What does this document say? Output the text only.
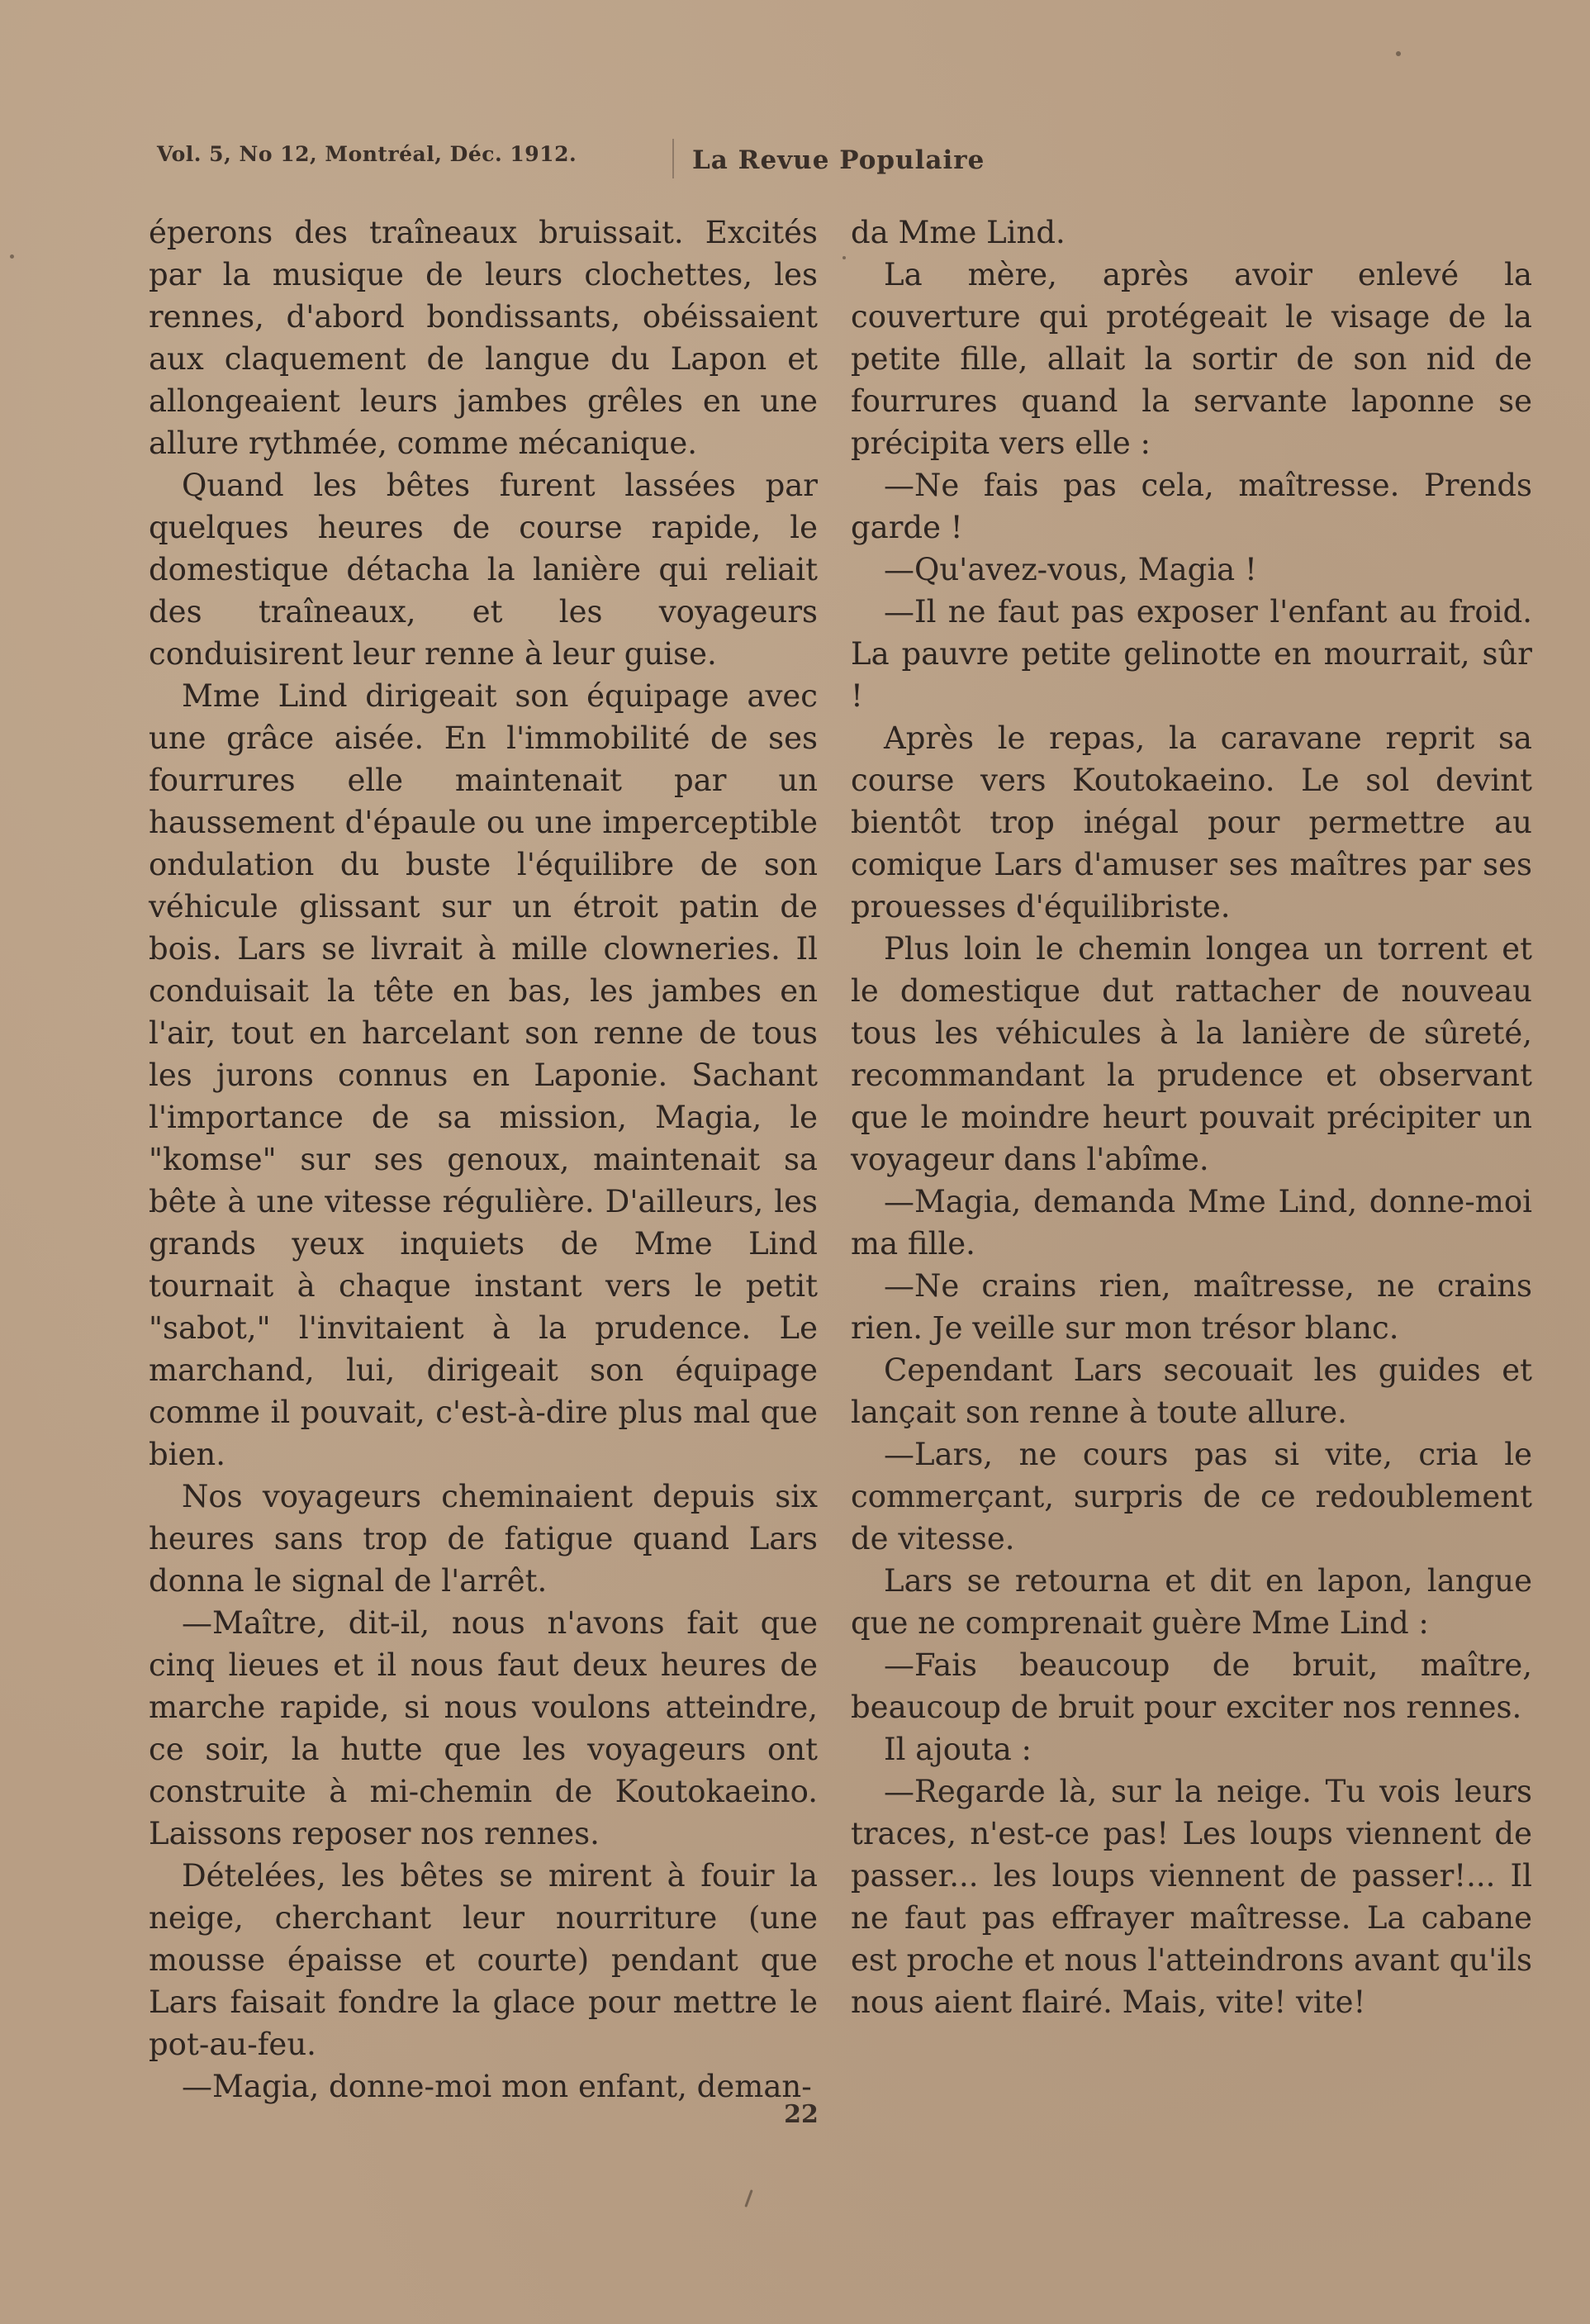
Vol. 5, No 12, Montréal, Déc. 1912.	La Revue Populaire

éperons des traîneaux bruissait. Excités par la musique de leurs clochettes, les rennes, d'abord bondissants, obéissaient aux claquement de langue du Lapon et allongeaient leurs jambes grêles en une allure rythmée, comme mécanique.

Quand les bêtes furent lassées par quelques heures de course rapide, le domestique détacha la lanière qui reliait des traîneaux, et les voyageurs conduisirent leur renne à leur guise.

Mme Lind dirigeait son équipage avec une grâce aisée. En l'immobilité de ses fourrures elle maintenait par un haussement d'épaule ou une imperceptible ondulation du buste l'équilibre de son véhicule glissant sur un étroit patin de bois. Lars se livrait à mille clowneries. Il conduisait la tête en bas, les jambes en l'air, tout en harcelant son renne de tous les jurons connus en Laponie. Sachant l'importance de sa mission, Magia, le "komse" sur ses genoux, maintenait sa bête à une vitesse régulière. D'ailleurs, les grands yeux inquiets de Mme Lind tournait à chaque instant vers le petit "sabot," l'invitaient à la prudence. Le marchand, lui, dirigeait son équipage comme il pouvait, c'est-à-dire plus mal que bien.

Nos voyageurs cheminaient depuis six heures sans trop de fatigue quand Lars donna le signal de l'arrêt.

—Maître, dit-il, nous n'avons fait que cinq lieues et il nous faut deux heures de marche rapide, si nous voulons atteindre, ce soir, la hutte que les voyageurs ont construite à mi-chemin de Koutokaeino. Laissons reposer nos rennes.

Dételées, les bêtes se mirent à fouir la neige, cherchant leur nourriture (une mousse épaisse et courte) pendant que Lars faisait fondre la glace pour mettre le pot-au-feu.

—Magia, donne-moi mon enfant, deman-

da Mme Lind.

La mère, après avoir enlevé la couverture qui protégeait le visage de la petite fille, allait la sortir de son nid de fourrures quand la servante laponne se précipita vers elle :

—Ne fais pas cela, maîtresse. Prends garde !

—Qu'avez-vous, Magia !

—Il ne faut pas exposer l'enfant au froid. La pauvre petite gelinotte en mourrait, sûr !

Après le repas, la caravane reprit sa course vers Koutokaeino. Le sol devint bientôt trop inégal pour permettre au comique Lars d'amuser ses maîtres par ses prouesses d'équilibriste.

Plus loin le chemin longea un torrent et le domestique dut rattacher de nouveau tous les véhicules à la lanière de sûreté, recommandant la prudence et observant que le moindre heurt pouvait précipiter un voyageur dans l'abîme.

—Magia, demanda Mme Lind, donne-moi ma fille.

—Ne crains rien, maîtresse, ne crains rien. Je veille sur mon trésor blanc.

Cependant Lars secouait les guides et lançait son renne à toute allure.

—Lars, ne cours pas si vite, cria le commerçant, surpris de ce redoublement de vitesse.

Lars se retourna et dit en lapon, langue que ne comprenait guère Mme Lind :

—Fais beaucoup de bruit, maître, beaucoup de bruit pour exciter nos rennes.

Il ajouta :

—Regarde là, sur la neige. Tu vois leurs traces, n'est-ce pas! Les loups viennent de passer... les loups viennent de passer!... Il ne faut pas effrayer maîtresse. La cabane est proche et nous l'atteindrons avant qu'ils nous aient flairé. Mais, vite! vite!

22
